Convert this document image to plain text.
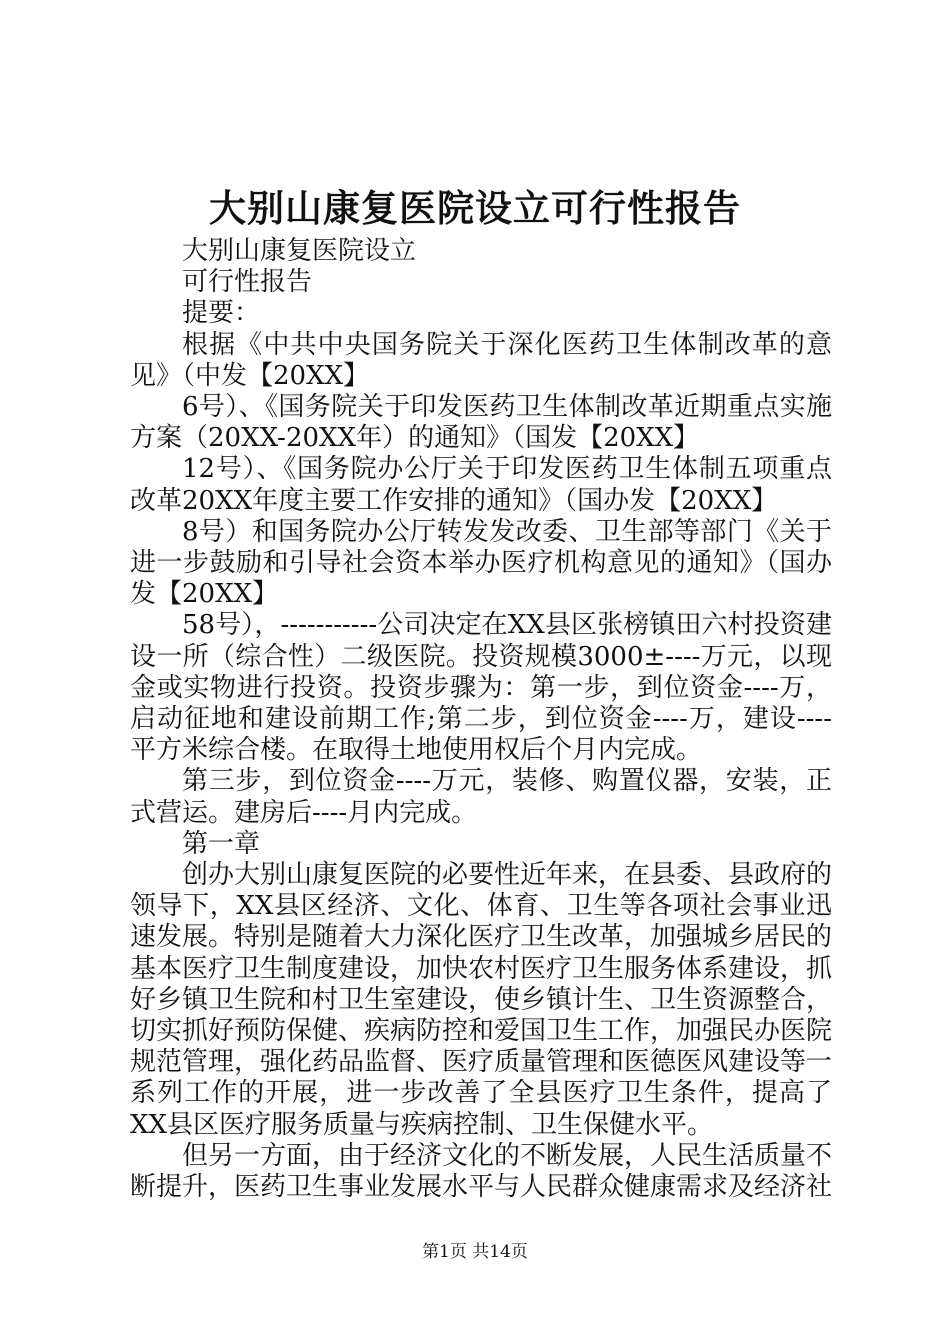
大别山康复医院设立可行性报告

大别山康复医院设立

可行性报告

提要：

根据《中共中央国务院关于深化医药卫生体制改革的意见》（中发【20XX】

6号）、《国务院关于印发医药卫生体制改革近期重点实施方案（20XX-20XX年）的通知》（国发【20XX】

12号）、《国务院办公厅关于印发医药卫生体制五项重点改革20XX年度主要工作安排的通知》（国办发【20XX】

8号）和国务院办公厅转发发改委、卫生部等部门《关于进一步鼓励和引导社会资本举办医疗机构意见的通知》（国办发【20XX】

58号），-----------公司决定在XX县区张榜镇田六村投资建设一所（综合性）二级医院。投资规模3000±----万元，以现金或实物进行投资。投资步骤为：第一步，到位资金----万，启动征地和建设前期工作;第二步，到位资金----万，建设----平方米综合楼。在取得土地使用权后个月内完成。

第三步，到位资金----万元，装修、购置仪器，安装，正式营运。建房后----月内完成。

第一章

创办大别山康复医院的必要性近年来，在县委、县政府的领导下，XX县区经济、文化、体育、卫生等各项社会事业迅速发展。特别是随着大力深化医疗卫生改革，加强城乡居民的基本医疗卫生制度建设，加快农村医疗卫生服务体系建设，抓好乡镇卫生院和村卫生室建设，使乡镇计生、卫生资源整合，切实抓好预防保健、疾病防控和爱国卫生工作，加强民办医院规范管理，强化药品监督、医疗质量管理和医德医风建设等一系列工作的开展，进一步改善了全县医疗卫生条件，提高了XX县区医疗服务质量与疾病控制、卫生保健水平。

但另一方面，由于经济文化的不断发展，人民生活质量不断提升，医药卫生事业发展水平与人民群众健康需求及经济社

第1页 共14页
